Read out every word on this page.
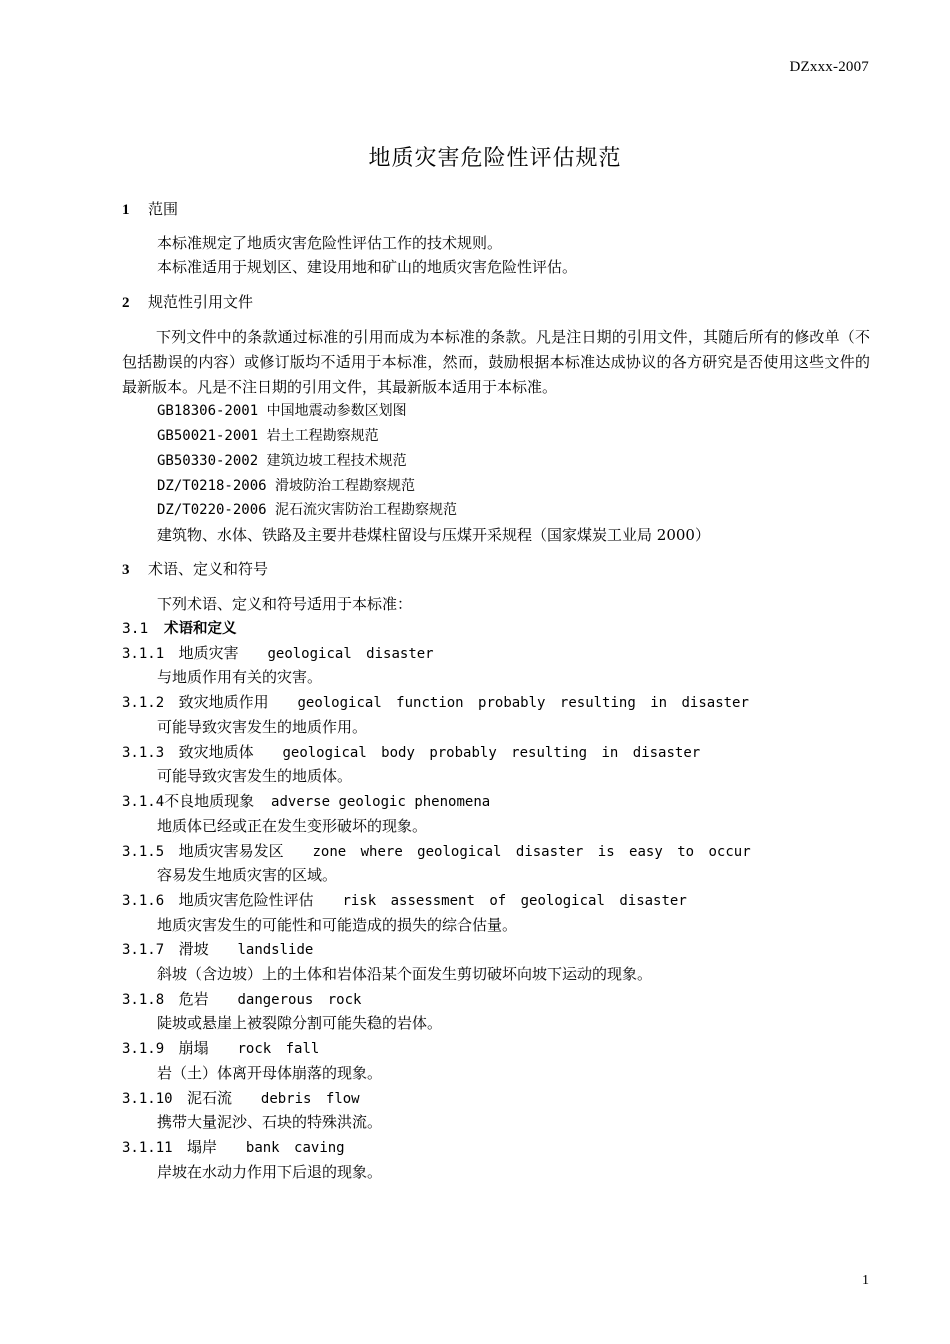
DZxxx-2007
地质灾害危险性评估规范
1 范围
本标准规定了地质灾害危险性评估工作的技术规则。
本标准适用于规划区、建设用地和矿山的地质灾害危险性评估。
2 规范性引用文件
下列文件中的条款通过标准的引用而成为本标准的条款。凡是注日期的引用文件，其随后所有的修改单（不包括勘误的内容）或修订版均不适用于本标准，然而，鼓励根据本标准达成协议的各方研究是否使用这些文件的最新版本。凡是不注日期的引用文件，其最新版本适用于本标准。
GB18306-2001 中国地震动参数区划图
GB50021-2001 岩土工程勘察规范
GB50330-2002 建筑边坡工程技术规范
DZ/T0218-2006 滑坡防治工程勘察规范
DZ/T0220-2006 泥石流灾害防治工程勘察规范
建筑物、水体、铁路及主要井巷煤柱留设与压煤开采规程（国家煤炭工业局 2000）
3 术语、定义和符号
下列术语、定义和符号适用于本标准：
3.1 术语和定义
3.1.1 地质灾害 geological disaster
与地质作用有关的灾害。
3.1.2 致灾地质作用 geological function probably resulting in disaster
可能导致灾害发生的地质作用。
3.1.3 致灾地质体 geological body probably resulting in disaster
可能导致灾害发生的地质体。
3.1.4不良地质现象 adverse geologic phenomena
地质体已经或正在发生变形破坏的现象。
3.1.5 地质灾害易发区 zone where geological disaster is easy to occur
容易发生地质灾害的区域。
3.1.6 地质灾害危险性评估 risk assessment of geological disaster
地质灾害发生的可能性和可能造成的损失的综合估量。
3.1.7 滑坡 landslide
斜坡（含边坡）上的土体和岩体沿某个面发生剪切破坏向坡下运动的现象。
3.1.8 危岩 dangerous rock
陡坡或悬崖上被裂隙分割可能失稳的岩体。
3.1.9 崩塌 rock fall
岩（土）体离开母体崩落的现象。
3.1.10 泥石流 debris flow
携带大量泥沙、石块的特殊洪流。
3.1.11 塌岸 bank caving
岸坡在水动力作用下后退的现象。
1
